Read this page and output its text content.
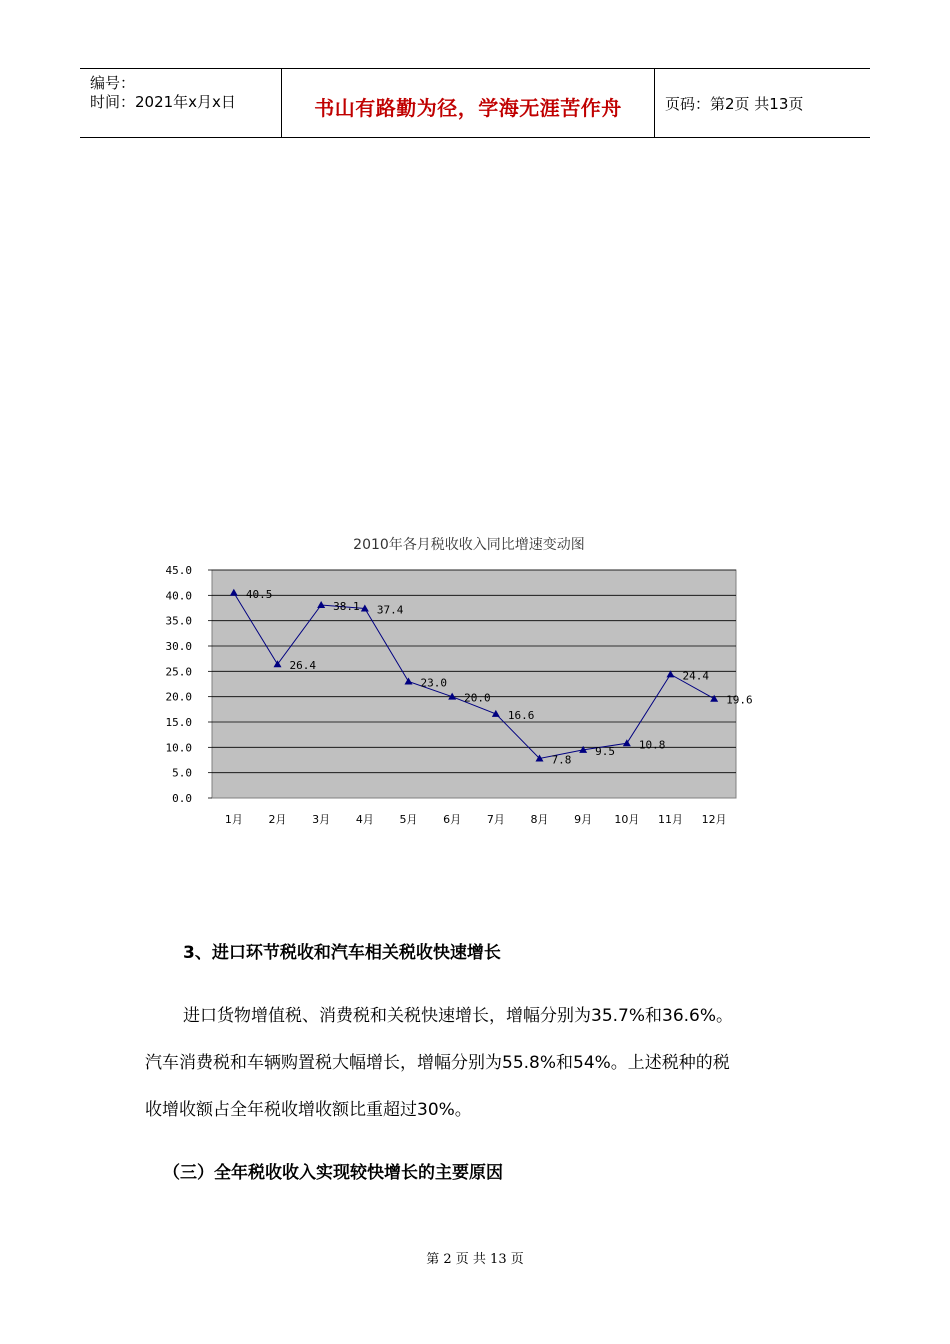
编号：
时间：2021年x月x日	书山有路勤为径，学海无涯苦作舟	页码：第2页 共13页
2010年各月税收收入同比增速变动图
0.0
5.0
10.0
15.0
20.0
25.0
30.0
35.0
40.0
45.0
1月 2月 3月 4月 5月 6月 7月 8月 9月 10月 11月 12月
40.5
26.4
38.1 37.4
23.0
20.0
16.6
7.8
9.5
10.8
24.4
19.6
3、进口环节税收和汽车相关税收快速增长
进口货物增值税、消费税和关税快速增长，增幅分别为35.7%和36.6%。
汽车消费税和车辆购置税大幅增长，增幅分别为55.8%和54%。上述税种的税
收增收额占全年税收增收额比重超过30%。
（三）全年税收收入实现较快增长的主要原因
第 2 页 共 13 页
